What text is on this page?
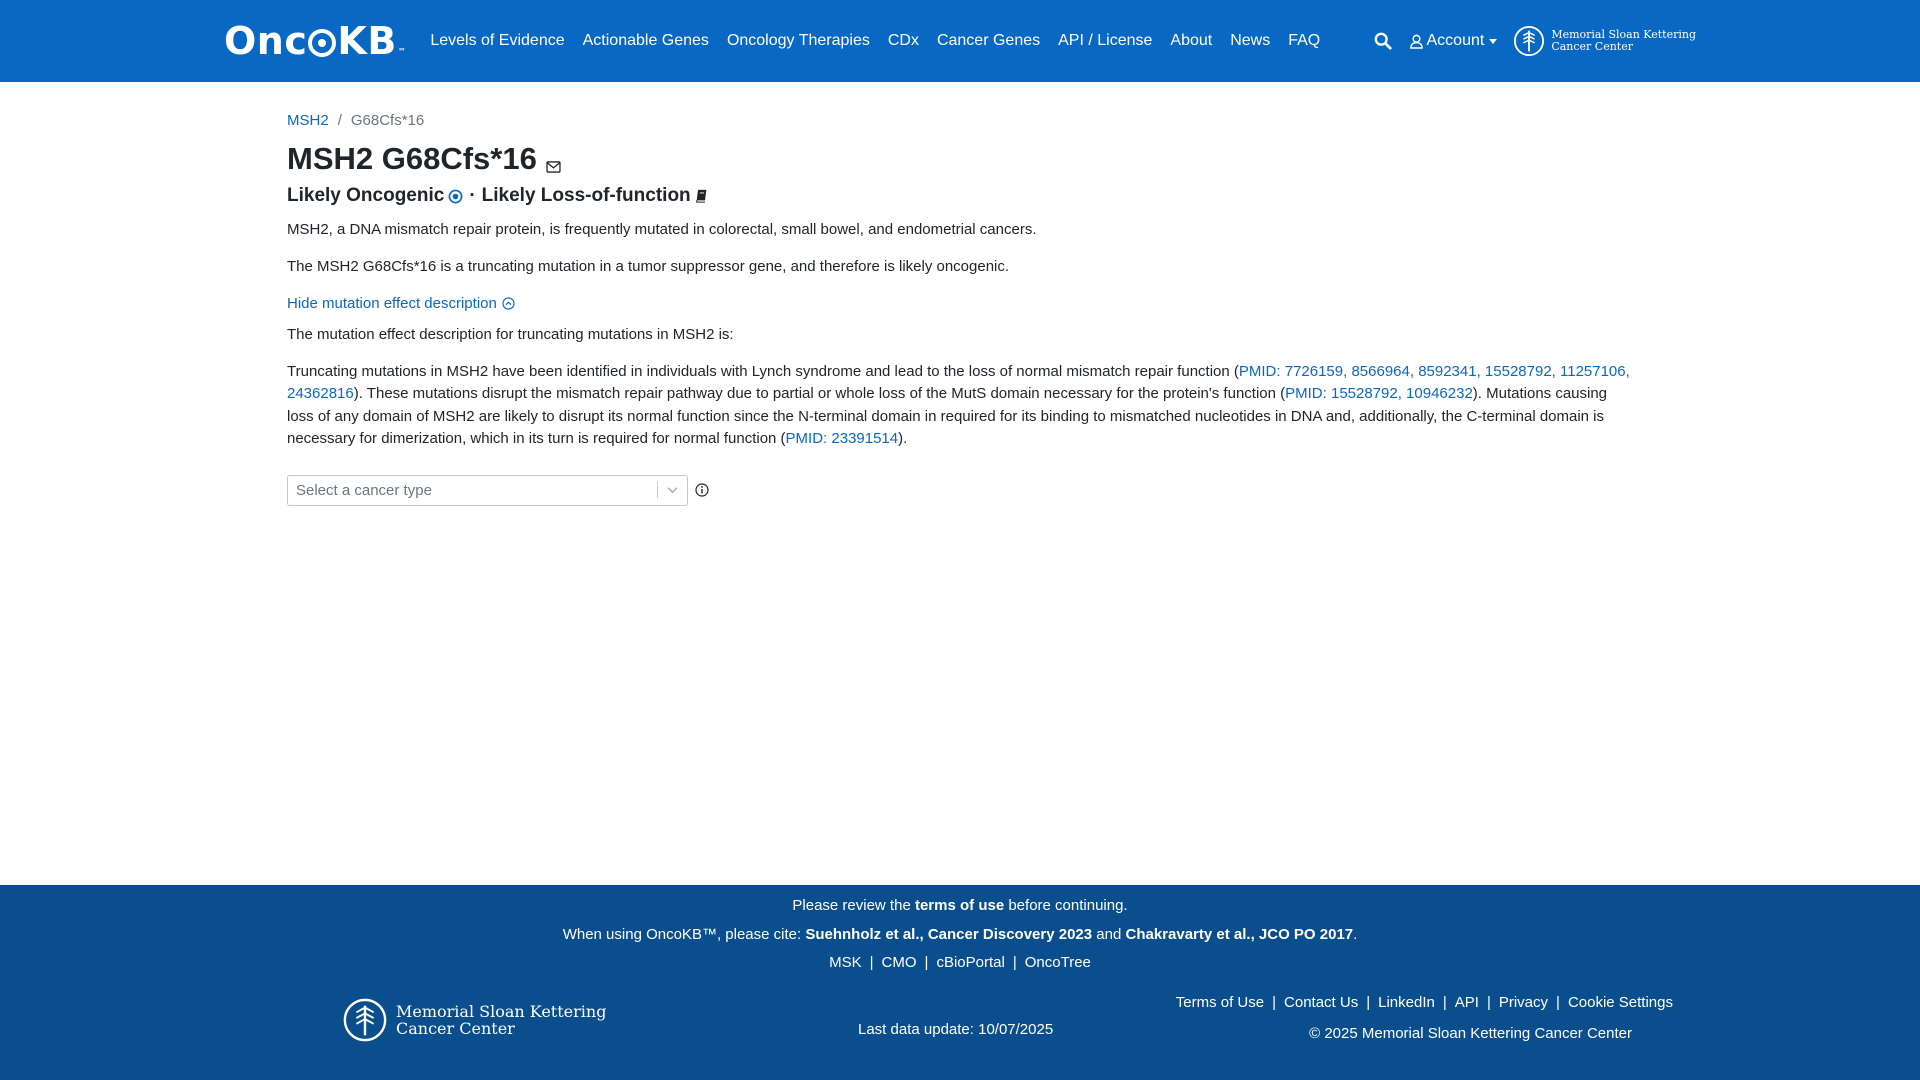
Onc $KB_™$
Levels of Evidence Actionable Genes Oncology Therapies CDx Cancer Genes API / License About News FAQ	Account	Memorial Sloan Kettering
Cancer Center
MSH2 / G68Cfs*16
MSH2 G68Cfs*16
Likely Oncogenic · Likely Loss-of-function

MSH2, a DNA mismatch repair protein, is frequently mutated in colorectal, small bowel, and endometrial cancers.

The MSH2 G68Cfs*16 is a truncating mutation in a tumor suppressor gene, and therefore is likely oncogenic.

Hide mutation effect description

The mutation effect description for truncating mutations in MSH2 is:

Truncating mutations in MSH2 have been identified in individuals with Lynch syndrome and lead to the loss of normal mismatch repair function (PMID: 7726159, 8566964, 8592341, 15528792, 11257106, 24362816). These mutations disrupt the mismatch repair pathway due to partial or whole loss of the MutS domain necessary for the protein's function (PMID: 15528792, 10946232). Mutations causing loss of any domain of MSH2 are likely to disrupt its normal function since the N-terminal domain in required for its binding to mismatched nucleotides in DNA and, additionally, the C-terminal domain is necessary for dimerization, which in its turn is required for normal function (PMID: 23391514).

Select a cancer type
Please review the terms of use before continuing.
When using OncoKB™, please cite: Suehnholz et al., Cancer Discovery 2023 and Chakravarty et al., JCO PO 2017.
MSK | CMO | cBioPortal | OncoTree
Memorial Sloan Kettering
Cancer Center	Last data update: 10/07/2025
Terms of Use | Contact Us | LinkedIn | API | Privacy | Cookie Settings
© 2025 Memorial Sloan Kettering Cancer Center
